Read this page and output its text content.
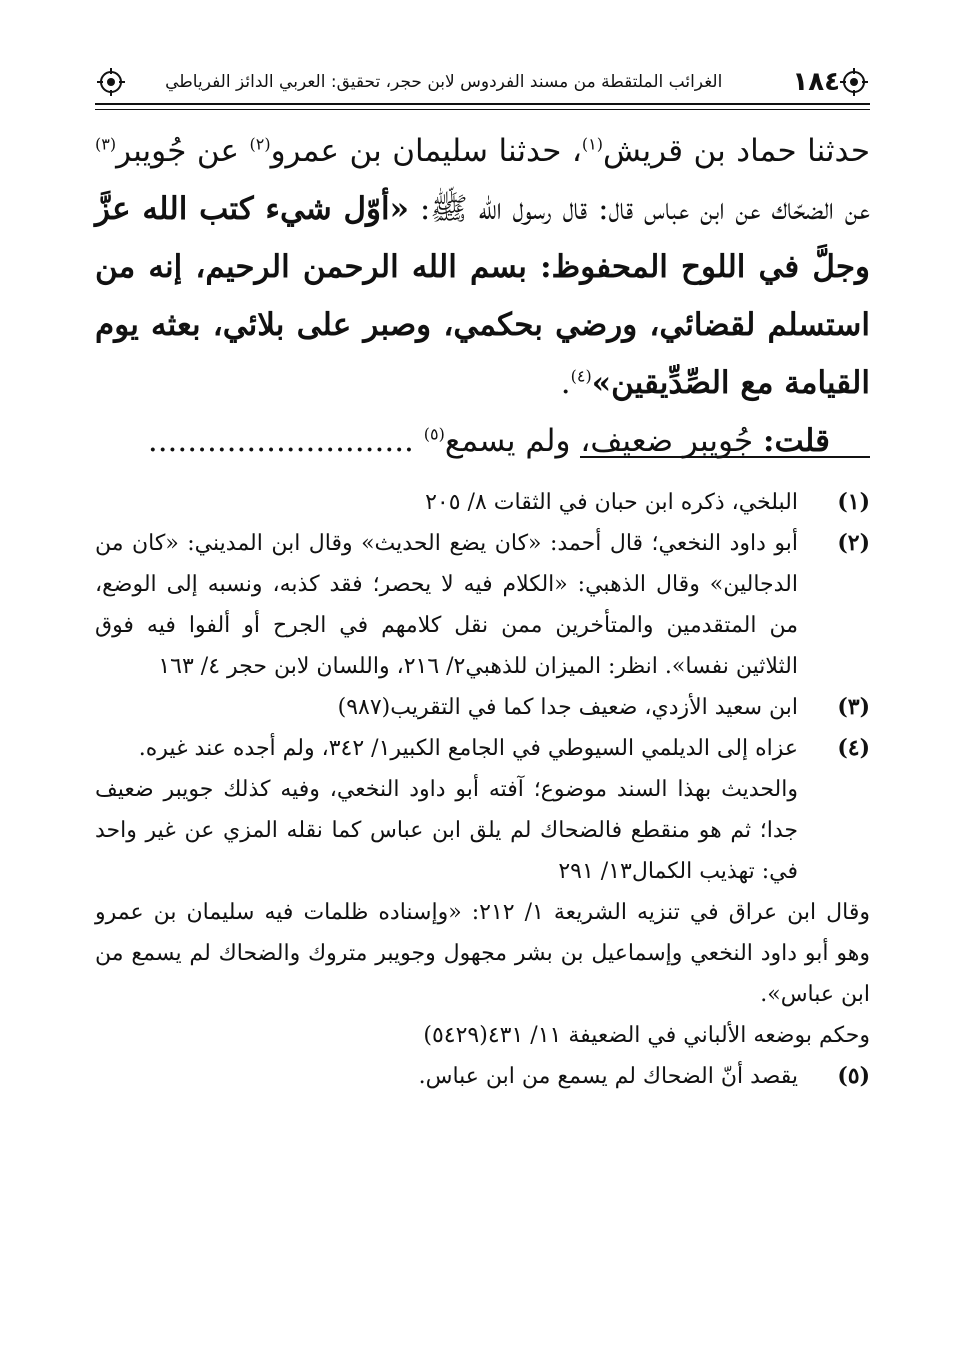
١٨٤
الغرائب الملتقطة من مسند الفردوس لابن حجر، تحقيق: العربي الدائز الفرياطي

حدثنا حماد بن قريش$^{(١)}$، حدثنا سليمان بن عمرو$^{(٢)}$ عن جُويبر$^{(٣)}$ عن الضحّاك عن ابن عباس قال: قال رسول الله ﷺ: «أوّل شيء كتب الله عزَّ وجلَّ في اللوح المحفوظ: بسم الله الرحمن الرحيم، إنه من استسلم لقضائي، ورضي بحكمي، وصبر على بلائي، بعثه يوم القيامة مع الصِّدِّيقين»$^{(٤)}$.

قلت: جُويبر ضعيف، ولم يسمع$^{(٥)}$ ...........................

(١)

البلخي، ذكره ابن حبان في الثقات ٨/ ٢٠٥

(٢)

أبو داود النخعي؛ قال أحمد: «كان يضع الحديث» وقال ابن المديني: «كان من الدجالين» وقال الذهبي: «الكلام فيه لا يحصر؛ فقد كذبه، ونسبه إلى الوضع، من المتقدمين والمتأخرين ممن نقل كلامهم في الجرح أو ألفوا فيه فوق الثلاثين نفسا». انظر: الميزان للذهبي٢/ ٢١٦، واللسان لابن حجر ٤/ ١٦٣

(٣)

ابن سعيد الأزدي، ضعيف جدا كما في التقريب(٩٨٧)

(٤)

عزاه إلى الديلمي السيوطي في الجامع الكبير١/ ٣٤٢، ولم أجده عند غيره.

والحديث بهذا السند موضوع؛ آفته أبو داود النخعي، وفيه كذلك جويبر ضعيف جدا؛ ثم هو منقطع فالضحاك لم يلق ابن عباس كما نقله المزي عن غير واحد في: تهذيب الكمال١٣/ ٢٩١

وقال ابن عراق في تنزيه الشريعة ١/ ٢١٢: «وإسناده ظلمات فيه سليمان بن عمرو وهو أبو داود النخعي وإسماعيل بن بشر مجهول وجويبر متروك والضحاك لم يسمع من ابن عباس».

وحكم بوضعه الألباني في الضعيفة ١١/ ٤٣١(٥٤٢٩)

(٥)

يقصد أنّ الضحاك لم يسمع من ابن عباس.
